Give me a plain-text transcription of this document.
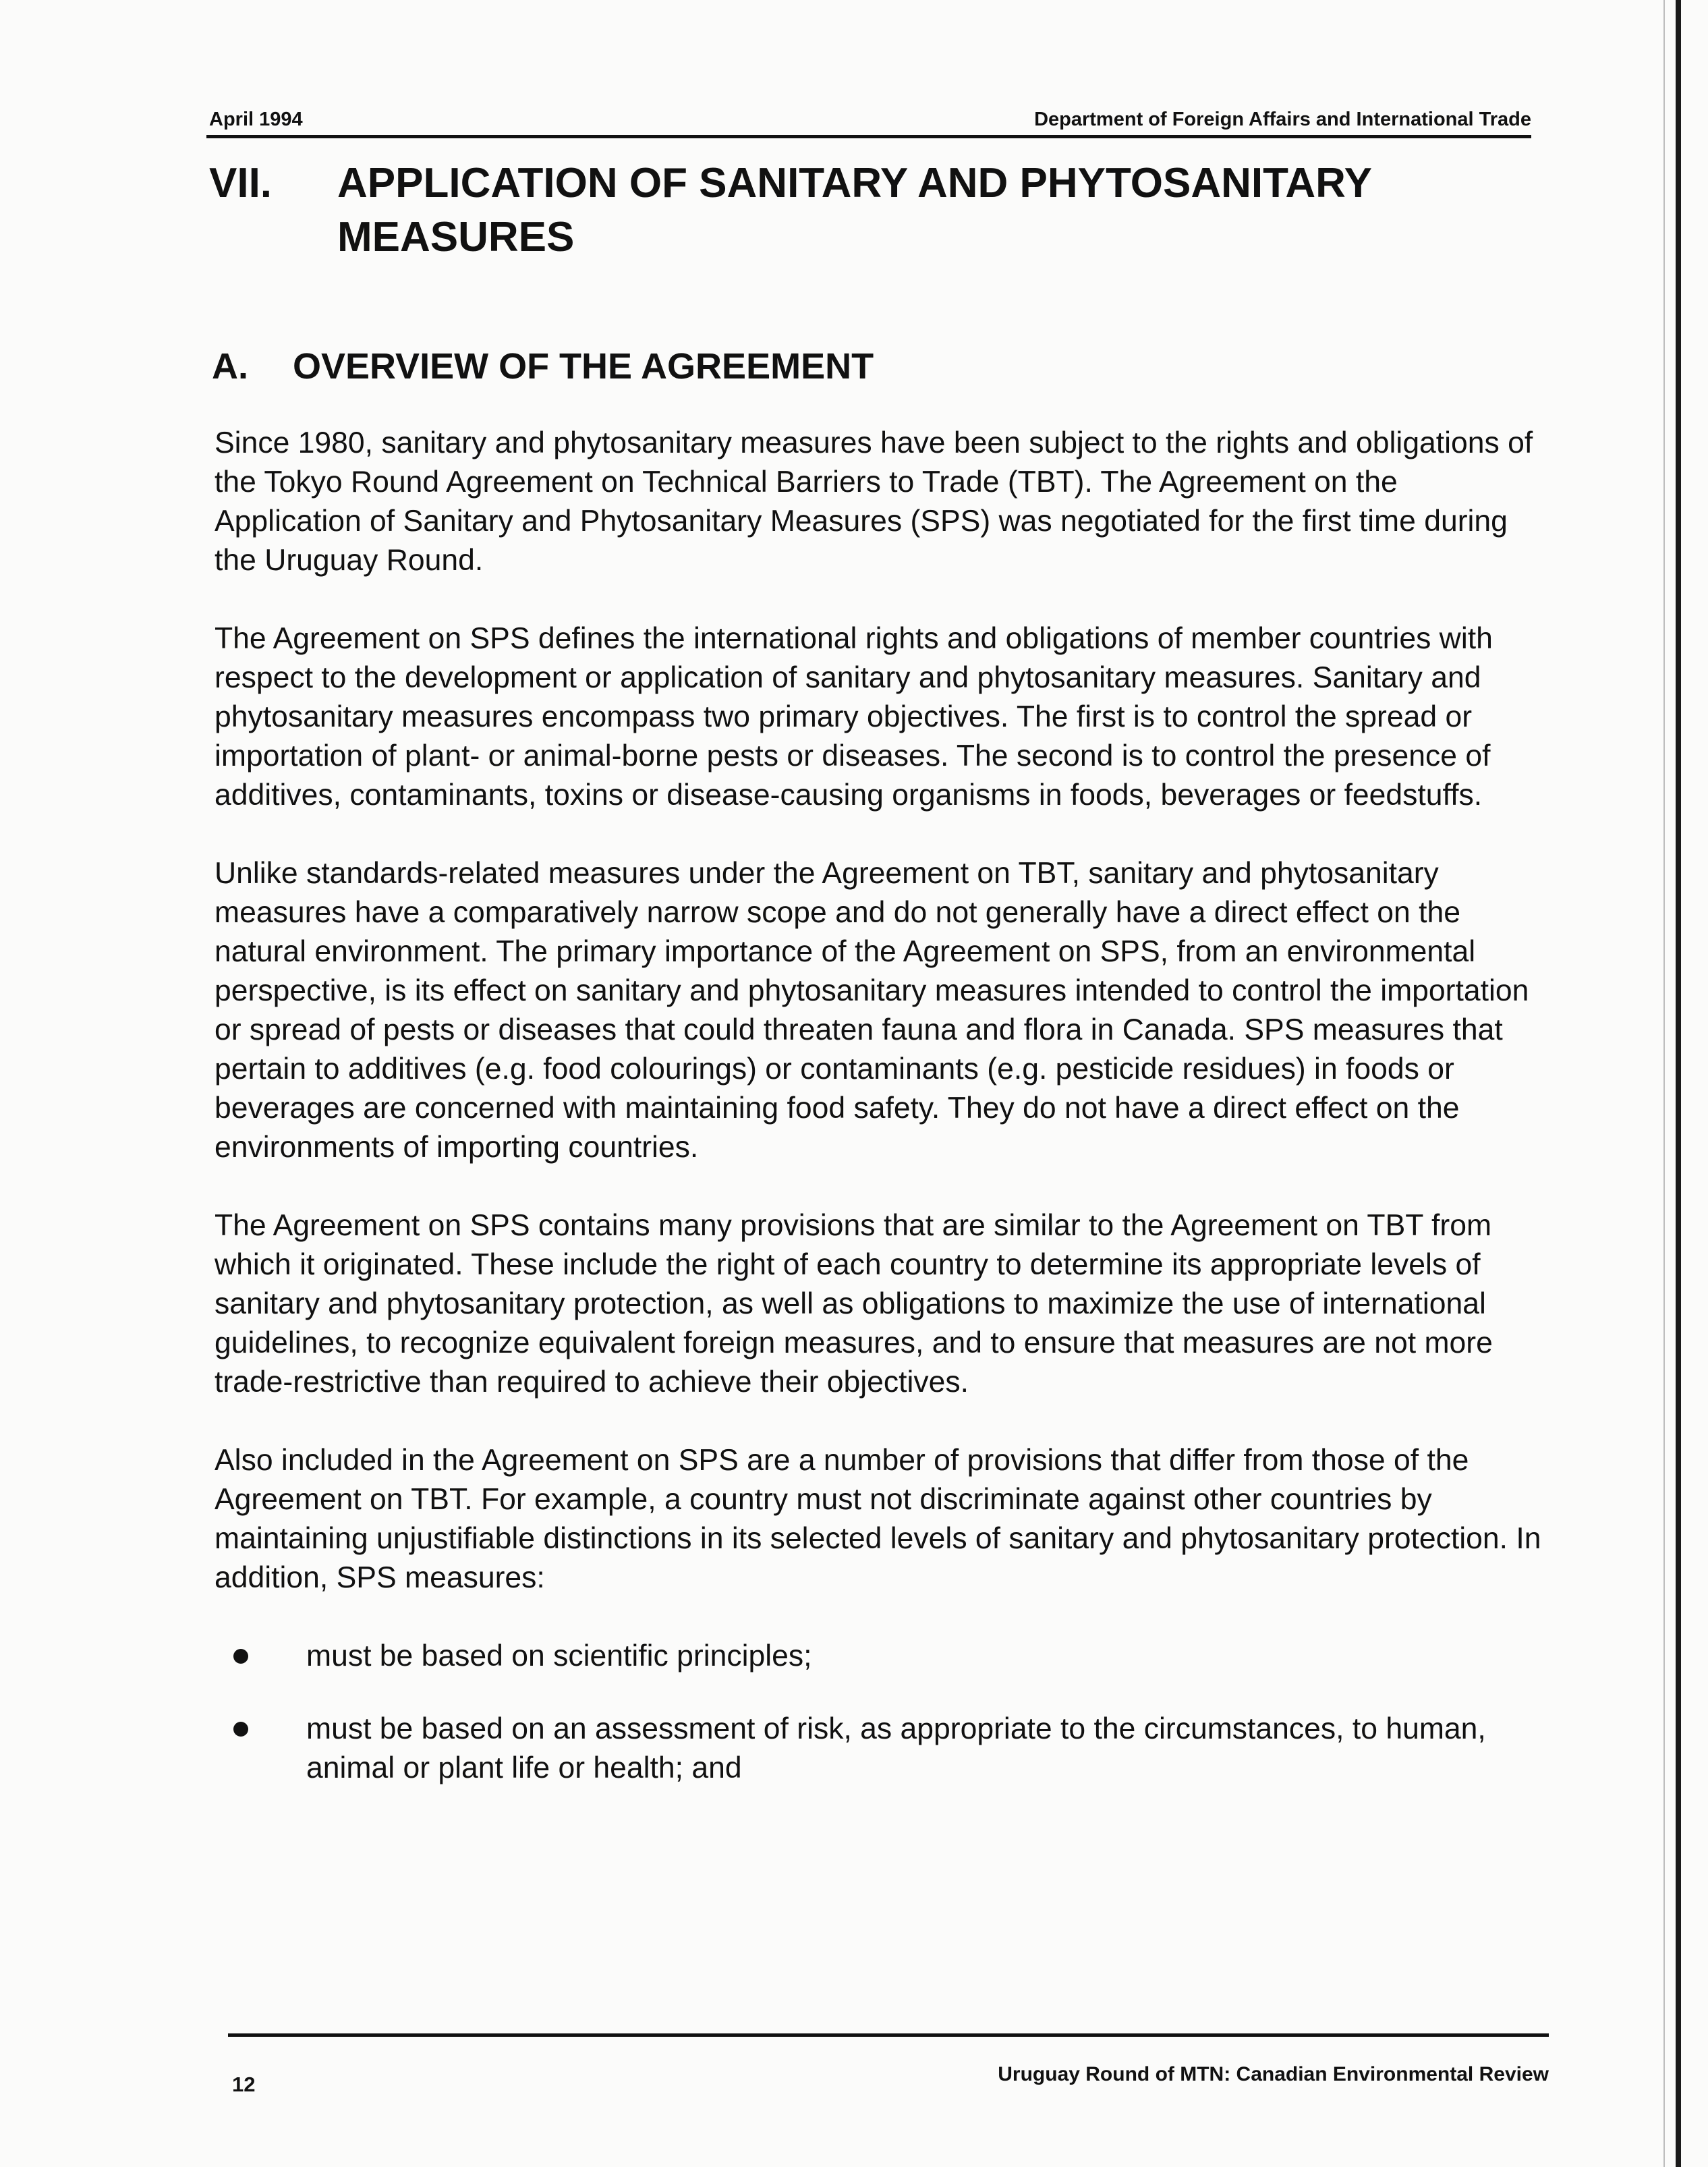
April 1994	Department of Foreign Affairs and International Trade
VII. APPLICATION OF SANITARY AND PHYTOSANITARY MEASURES
A. OVERVIEW OF THE AGREEMENT

Since 1980, sanitary and phytosanitary measures have been subject to the rights and obligations of the Tokyo Round Agreement on Technical Barriers to Trade (TBT). The Agreement on the Application of Sanitary and Phytosanitary Measures (SPS) was negotiated for the first time during the Uruguay Round.

The Agreement on SPS defines the international rights and obligations of member countries with respect to the development or application of sanitary and phytosanitary measures. Sanitary and phytosanitary measures encompass two primary objectives. The first is to control the spread or importation of plant- or animal-borne pests or diseases. The second is to control the presence of additives, contaminants, toxins or disease-causing organisms in foods, beverages or feedstuffs.

Unlike standards-related measures under the Agreement on TBT, sanitary and phytosanitary measures have a comparatively narrow scope and do not generally have a direct effect on the natural environment. The primary importance of the Agreement on SPS, from an environmental perspective, is its effect on sanitary and phytosanitary measures intended to control the importation or spread of pests or diseases that could threaten fauna and flora in Canada. SPS measures that pertain to additives (e.g. food colourings) or contaminants (e.g. pesticide residues) in foods or beverages are concerned with maintaining food safety. They do not have a direct effect on the environments of importing countries.

The Agreement on SPS contains many provisions that are similar to the Agreement on TBT from which it originated. These include the right of each country to determine its appropriate levels of sanitary and phytosanitary protection, as well as obligations to maximize the use of international guidelines, to recognize equivalent foreign measures, and to ensure that measures are not more trade-restrictive than required to achieve their objectives.

Also included in the Agreement on SPS are a number of provisions that differ from those of the Agreement on TBT. For example, a country must not discriminate against other countries by maintaining unjustifiable distinctions in its selected levels of sanitary and phytosanitary protection. In addition, SPS measures:

must be based on scientific principles;
must be based on an assessment of risk, as appropriate to the circumstances, to human, animal or plant life or health; and
12	Uruguay Round of MTN: Canadian Environmental Review
